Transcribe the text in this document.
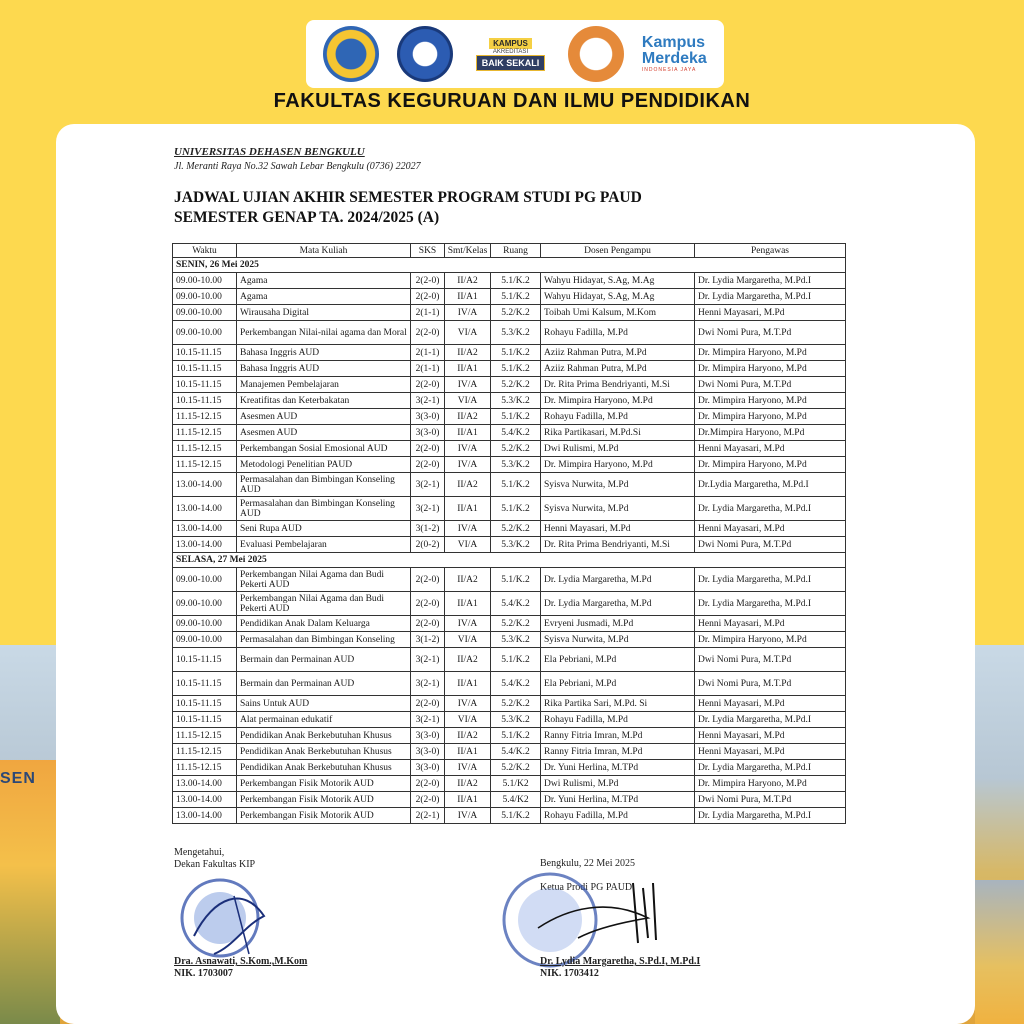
SEN
KAMPUS
AKREDITASI
BAIK SEKALI
Kampus
Merdeka
INDONESIA JAYA
FAKULTAS KEGURUAN DAN ILMU PENDIDIKAN
UNIVERSITAS DEHASEN BENGKULU
Jl. Meranti Raya No.32 Sawah Lebar Bengkulu (0736) 22027
JADWAL UJIAN AKHIR SEMESTER PROGRAM STUDI PG PAUD
SEMESTER GENAP TA. 2024/2025 (A)
Waktu	Mata Kuliah	SKS	Smt/Kelas	Ruang	Dosen Pengampu	Pengawas
SENIN, 26 Mei 2025						
09.00-10.00	Agama	2(2-0)	II/A2	5.1/K.2	Wahyu Hidayat, S.Ag, M.Ag	Dr. Lydia Margaretha, M.Pd.I
09.00-10.00	Agama	2(2-0)	II/A1	5.1/K.2	Wahyu Hidayat, S.Ag, M.Ag	Dr. Lydia Margaretha, M.Pd.I
09.00-10.00	Wirausaha Digital	2(1-1)	IV/A	5.2/K.2	Toibah Umi Kalsum, M.Kom	Henni Mayasari, M.Pd
09.00-10.00	Perkembangan Nilai-nilai agama dan Moral	2(2-0)	VI/A	5.3/K.2	Rohayu Fadilla, M.Pd	Dwi Nomi Pura, M.T.Pd
10.15-11.15	Bahasa Inggris AUD	2(1-1)	II/A2	5.1/K.2	Aziiz Rahman Putra, M.Pd	Dr. Mimpira Haryono, M.Pd
10.15-11.15	Bahasa Inggris AUD	2(1-1)	II/A1	5.1/K.2	Aziiz Rahman Putra, M.Pd	Dr. Mimpira Haryono, M.Pd
10.15-11.15	Manajemen Pembelajaran	2(2-0)	IV/A	5.2/K.2	Dr. Rita Prima Bendriyanti, M.Si	Dwi Nomi Pura, M.T.Pd
10.15-11.15	Kreatifitas dan Keterbakatan	3(2-1)	VI/A	5.3/K.2	Dr. Mimpira Haryono, M.Pd	Dr. Mimpira Haryono, M.Pd
11.15-12.15	Asesmen AUD	3(3-0)	II/A2	5.1/K.2	Rohayu Fadilla, M.Pd	Dr. Mimpira Haryono, M.Pd
11.15-12.15	Asesmen AUD	3(3-0)	II/A1	5.4/K.2	Rika Partikasari, M.Pd.Si	Dr.Mimpira Haryono, M.Pd
11.15-12.15	Perkembangan Sosial Emosional AUD	2(2-0)	IV/A	5.2/K.2	Dwi Rulismi, M.Pd	Henni Mayasari, M.Pd
11.15-12.15	Metodologi Penelitian PAUD	2(2-0)	IV/A	5.3/K.2	Dr. Mimpira Haryono, M.Pd	Dr. Mimpira Haryono, M.Pd
13.00-14.00	Permasalahan dan Bimbingan Konseling AUD	3(2-1)	II/A2	5.1/K.2	Syisva Nurwita, M.Pd	Dr.Lydia Margaretha, M.Pd.I
13.00-14.00	Permasalahan dan Bimbingan Konseling AUD	3(2-1)	II/A1	5.1/K.2	Syisva Nurwita, M.Pd	Dr. Lydia Margaretha, M.Pd.I
13.00-14.00	Seni Rupa AUD	3(1-2)	IV/A	5.2/K.2	Henni Mayasari, M.Pd	Henni Mayasari, M.Pd
13.00-14.00	Evaluasi Pembelajaran	2(0-2)	VI/A	5.3/K.2	Dr. Rita Prima Bendriyanti, M.Si	Dwi Nomi Pura, M.T.Pd
SELASA, 27 Mei 2025						
09.00-10.00	Perkembangan Nilai Agama dan Budi Pekerti AUD	2(2-0)	II/A2	5.1/K.2	Dr. Lydia Margaretha, M.Pd	Dr. Lydia Margaretha, M.Pd.I
09.00-10.00	Perkembangan Nilai Agama dan Budi Pekerti AUD	2(2-0)	II/A1	5.4/K.2	Dr. Lydia Margaretha, M.Pd	Dr. Lydia Margaretha, M.Pd.I
09.00-10.00	Pendidikan Anak Dalam Keluarga	2(2-0)	IV/A	5.2/K.2	Evryeni Jusmadi, M.Pd	Henni Mayasari, M.Pd
09.00-10.00	Permasalahan dan Bimbingan Konseling	3(1-2)	VI/A	5.3/K.2	Syisva Nurwita, M.Pd	Dr. Mimpira Haryono, M.Pd
10.15-11.15	Bermain dan Permainan AUD	3(2-1)	II/A2	5.1/K.2	Ela Pebriani, M.Pd	Dwi Nomi Pura, M.T.Pd
10.15-11.15	Bermain dan Permainan AUD	3(2-1)	II/A1	5.4/K.2	Ela Pebriani, M.Pd	Dwi Nomi Pura, M.T.Pd
10.15-11.15	Sains Untuk AUD	2(2-0)	IV/A	5.2/K.2	Rika Partika Sari, M.Pd. Si	Henni Mayasari, M.Pd
10.15-11.15	Alat permainan edukatif	3(2-1)	VI/A	5.3/K.2	Rohayu Fadilla, M.Pd	Dr. Lydia Margaretha, M.Pd.I
11.15-12.15	Pendidikan Anak Berkebutuhan Khusus	3(3-0)	II/A2	5.1/K.2	Ranny Fitria Imran, M.Pd	Henni Mayasari, M.Pd
11.15-12.15	Pendidikan Anak Berkebutuhan Khusus	3(3-0)	II/A1	5.4/K.2	Ranny Fitria Imran, M.Pd	Henni Mayasari, M.Pd
11.15-12.15	Pendidikan Anak Berkebutuhan Khusus	3(3-0)	IV/A	5.2/K.2	Dr. Yuni Herlina, M.TPd	Dr. Lydia Margaretha, M.Pd.I
13.00-14.00	Perkembangan Fisik Motorik AUD	2(2-0)	II/A2	5.1/K2	Dwi Rulismi, M.Pd	Dr. Mimpira Haryono, M.Pd
13.00-14.00	Perkembangan Fisik Motorik AUD	2(2-0)	II/A1	5.4/K2	Dr. Yuni Herlina, M.TPd	Dwi Nomi Pura, M.T.Pd
13.00-14.00	Perkembangan Fisik Motorik AUD	2(2-1)	IV/A	5.1/K.2	Rohayu Fadilla, M.Pd	Dr. Lydia Margaretha, M.Pd.I
Mengetahui,
Dekan Fakultas KIP
Dra. Asnawati, S.Kom.,M.Kom
NIK. 1703007
Bengkulu, 22 Mei 2025
Ketua Prodi PG PAUD
Dr. Lydia Margaretha, S.Pd.I, M.Pd.I
NIK. 1703412
